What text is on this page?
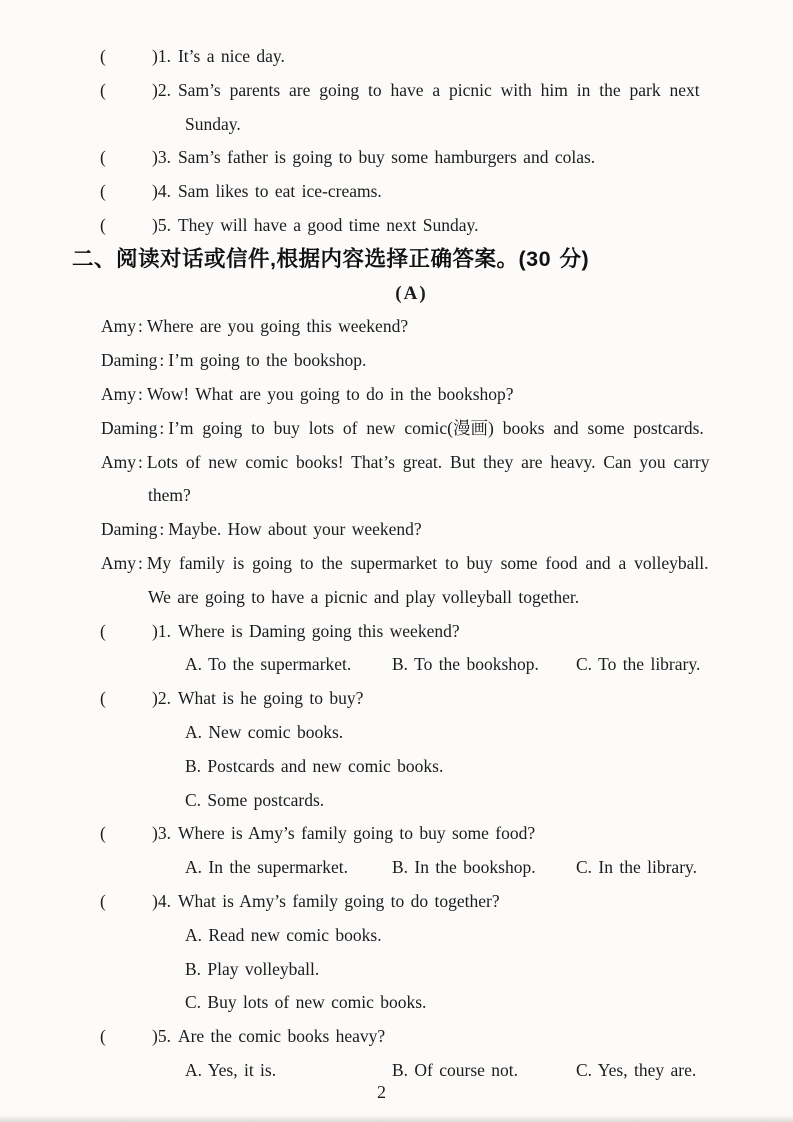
(	)1. It’s a nice day.
(	)2. Sam’s parents are going to have a picnic with him in the park next
Sunday.
(	)3. Sam’s father is going to buy some hamburgers and colas.
(	)4. Sam likes to eat ice-creams.
(	)5. They will have a good time next Sunday.
二、阅读对话或信件,根据内容选择正确答案。(30 分)
(A)
Amy : Where are you going this weekend?
Daming : I’m going to the bookshop.
Amy : Wow! What are you going to do in the bookshop?
Daming : I’m going to buy lots of new comic(漫画) books and some postcards.
Amy : Lots of new comic books! That’s great. But they are heavy. Can you carry
them?
Daming : Maybe. How about your weekend?
Amy : My family is going to the supermarket to buy some food and a volleyball.
We are going to have a picnic and play volleyball together.
(	)1. Where is Daming going this weekend?
A. To the supermarket. B. To the bookshop. C. To the library.
(	)2. What is he going to buy?
A. New comic books.
B. Postcards and new comic books.
C. Some postcards.
(	)3. Where is Amy’s family going to buy some food?
A. In the supermarket.	B. In the bookshop. C. In the library.
(	)4. What is Amy’s family going to do together?
A. Read new comic books.
B. Play volleyball.
C. Buy lots of new comic books.
(	)5. Are the comic books heavy?
A. Yes, it is.	B. Of course not.	C. Yes, they are.
2
